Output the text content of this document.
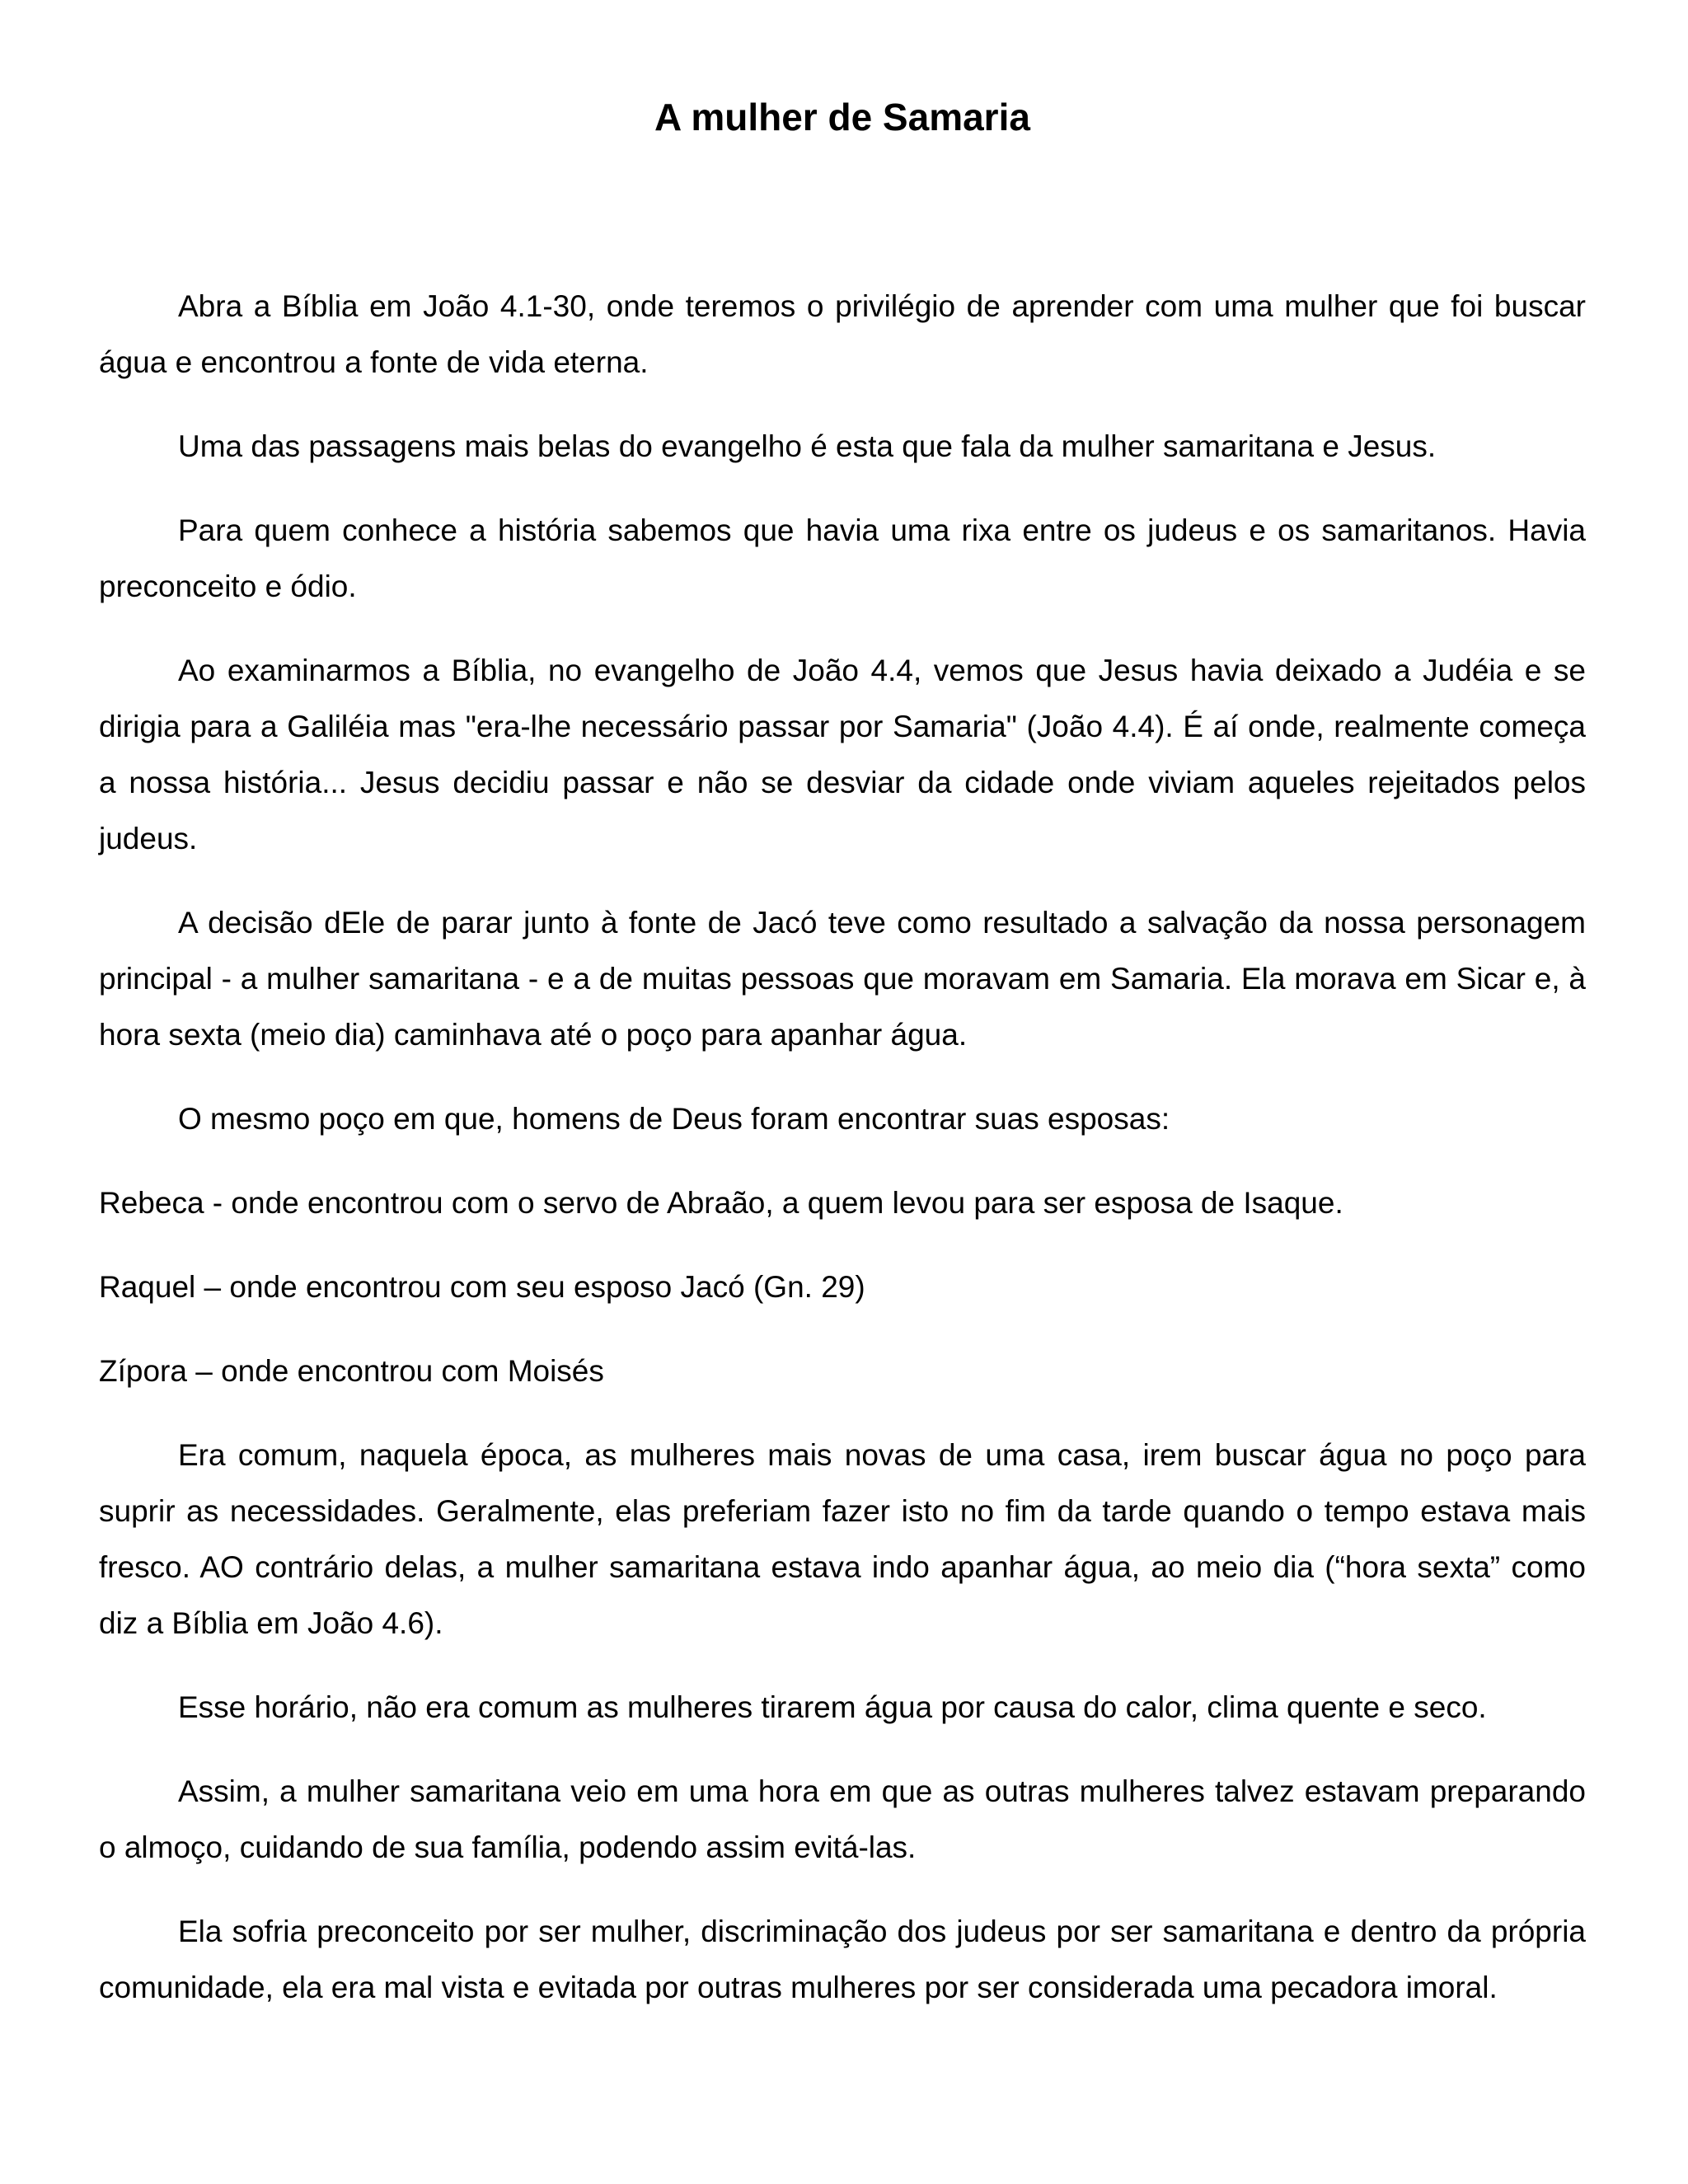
A mulher de Samaria

Abra a Bíblia em João 4.1-30, onde teremos o privilégio de aprender com uma mulher que foi buscar água e encontrou a fonte de vida eterna.

Uma das passagens mais belas do evangelho é esta que fala da mulher samaritana e Jesus.

Para quem conhece a história sabemos que havia uma rixa entre os judeus e os samaritanos. Havia preconceito e ódio.

Ao examinarmos a Bíblia, no evangelho de João 4.4, vemos que Jesus havia deixado a Judéia e se dirigia para a Galiléia mas "era-lhe necessário passar por Samaria" (João 4.4). É aí onde, realmente começa a nossa história... Jesus decidiu passar e não se desviar da cidade onde viviam aqueles rejeitados pelos judeus.

A decisão dEle de parar junto à fonte de Jacó teve como resultado a salvação da nossa personagem principal - a mulher samaritana - e a de muitas pessoas que moravam em Samaria. Ela morava em Sicar e, à hora sexta (meio dia) caminhava até o poço para apanhar água.

O mesmo poço em que, homens de Deus foram encontrar suas esposas:

Rebeca - onde encontrou com o servo de Abraão, a quem levou para ser esposa de Isaque.

Raquel – onde encontrou com seu esposo Jacó (Gn. 29)

Zípora – onde encontrou com Moisés

Era comum, naquela época, as mulheres mais novas de uma casa, irem buscar água no poço para suprir as necessidades. Geralmente, elas preferiam fazer isto no fim da tarde quando o tempo estava mais fresco. AO contrário delas, a mulher samaritana estava indo apanhar água, ao meio dia (“hora sexta” como diz a Bíblia em João 4.6).

Esse horário, não era comum as mulheres tirarem água por causa do calor, clima quente e seco.

Assim, a mulher samaritana veio em uma hora em que as outras mulheres talvez estavam preparando o almoço, cuidando de sua família, podendo assim evitá-las.

Ela sofria preconceito por ser mulher, discriminação dos judeus por ser samaritana e dentro da própria comunidade, ela era mal vista e evitada por outras mulheres por ser considerada uma pecadora imoral.
